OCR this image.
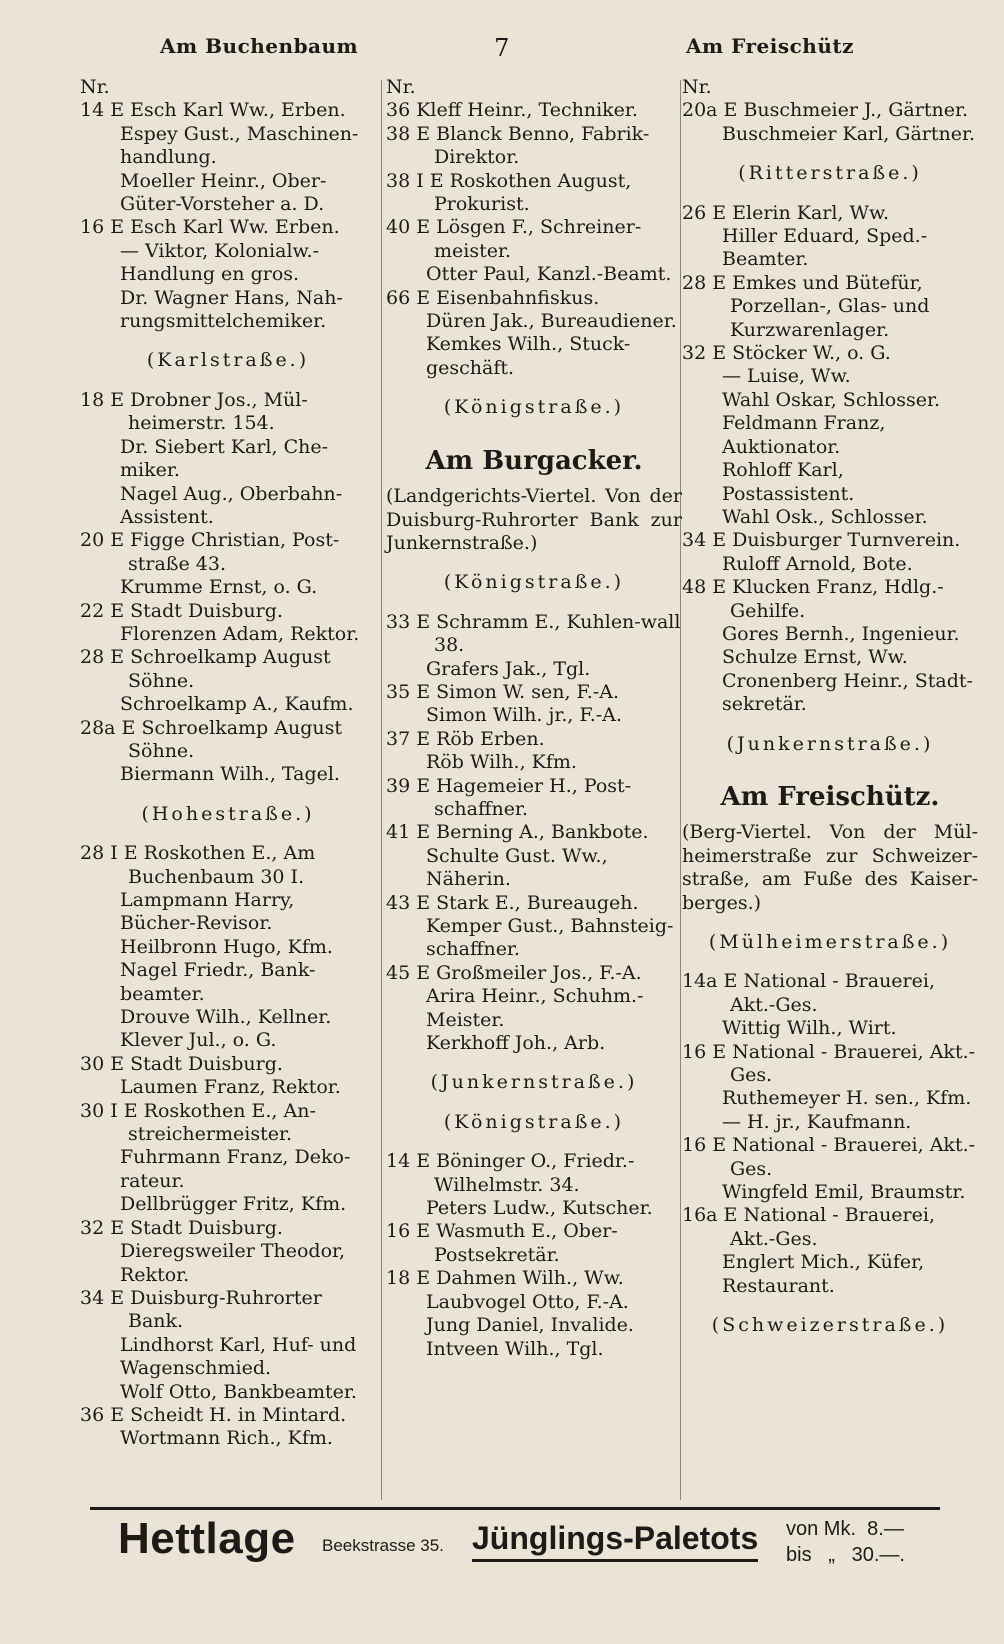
Am Buchenbaum	7	Am Freischütz
Nr.
14 E Esch Karl Ww., Erben.
Espey Gust., Maschinen-handlung.
Moeller Heinr., Ober-Güter-Vorsteher a. D.
16 E Esch Karl Ww. Erben.
— Viktor, Kolonialw.-Handlung en gros.
Dr. Wagner Hans, Nah-rungsmittelchemiker.
(Karlstraße.)
18 E Drobner Jos., Mül-heimerstr. 154.
Dr. Siebert Karl, Che-miker.
Nagel Aug., Oberbahn-Assistent.
20 E Figge Christian, Post-straße 43.
Krumme Ernst, o. G.
22 E Stadt Duisburg.
Florenzen Adam, Rektor.
28 E Schroelkamp August Söhne.
Schroelkamp A., Kaufm.
28a E Schroelkamp August Söhne.
Biermann Wilh., Tagel.
(Hohestraße.)
28 I E Roskothen E., Am Buchenbaum 30 I.
Lampmann Harry, Bücher-Revisor.
Heilbronn Hugo, Kfm.
Nagel Friedr., Bank-beamter.
Drouve Wilh., Kellner.
Klever Jul., o. G.
30 E Stadt Duisburg.
Laumen Franz, Rektor.
30 I E Roskothen E., An-streichermeister.
Fuhrmann Franz, Deko-rateur.
Dellbrügger Fritz, Kfm.
32 E Stadt Duisburg.
Dieregsweiler Theodor, Rektor.
34 E Duisburg-Ruhrorter Bank.
Lindhorst Karl, Huf- und Wagenschmied.
Wolf Otto, Bankbeamter.
36 E Scheidt H. in Mintard.
Wortmann Rich., Kfm.
Nr.
36 Kleff Heinr., Techniker.
38 E Blanck Benno, Fabrik-Direktor.
38 I E Roskothen August, Prokurist.
40 E Lösgen F., Schreiner-meister.
Otter Paul, Kanzl.-Beamt.
66 E Eisenbahnfiskus.
Düren Jak., Bureaudiener.
Kemkes Wilh., Stuck-geschäft.
(Königstraße.)
Am Burgacker.
(Landgerichts-Viertel. Von der Duisburg-Ruhrorter Bank zur Junkernstraße.)
(Königstraße.)
33 E Schramm E., Kuhlen-wall 38.
Grafers Jak., Tgl.
35 E Simon W. sen, F.-A.
Simon Wilh. jr., F.-A.
37 E Röb Erben.
Röb Wilh., Kfm.
39 E Hagemeier H., Post-schaffner.
41 E Berning A., Bankbote.
Schulte Gust. Ww., Näherin.
43 E Stark E., Bureaugeh.
Kemper Gust., Bahnsteig-schaffner.
45 E Großmeiler Jos., F.-A.
Arira Heinr., Schuhm.-Meister.
Kerkhoff Joh., Arb.
(Junkernstraße.)
(Königstraße.)
14 E Böninger O., Friedr.-Wilhelmstr. 34.
Peters Ludw., Kutscher.
16 E Wasmuth E., Ober-Postsekretär.
18 E Dahmen Wilh., Ww.
Laubvogel Otto, F.-A.
Jung Daniel, Invalide.
Intveen Wilh., Tgl.
Nr.
20a E Buschmeier J., Gärtner.
Buschmeier Karl, Gärtner.
(Ritterstraße.)
26 E Elerin Karl, Ww.
Hiller Eduard, Sped.-Beamter.
28 E Emkes und Bütefür, Porzellan-, Glas- und Kurzwarenlager.
32 E Stöcker W., o. G.
— Luise, Ww.
Wahl Oskar, Schlosser.
Feldmann Franz, Auktionator.
Rohloff Karl, Postassistent.
Wahl Osk., Schlosser.
34 E Duisburger Turnverein.
Ruloff Arnold, Bote.
48 E Klucken Franz, Hdlg.-Gehilfe.
Gores Bernh., Ingenieur.
Schulze Ernst, Ww.
Cronenberg Heinr., Stadt-sekretär.
(Junkernstraße.)
Am Freischütz.
(Berg-Viertel. Von der Mül-heimerstraße zur Schweizer-straße, am Fuße des Kaiser-berges.)
(Mülheimerstraße.)
14a E National - Brauerei, Akt.-Ges.
Wittig Wilh., Wirt.
16 E National - Brauerei, Akt.-Ges.
Ruthemeyer H. sen., Kfm.
— H. jr., Kaufmann.
16 E National - Brauerei, Akt.-Ges.
Wingfeld Emil, Braumstr.
16a E National - Brauerei, Akt.-Ges.
Englert Mich., Küfer, Restaurant.
(Schweizerstraße.)
Hettlage Beekstrasse 35. Jünglings-Paletots von Mk.  8.—
bis   „   30.—.
